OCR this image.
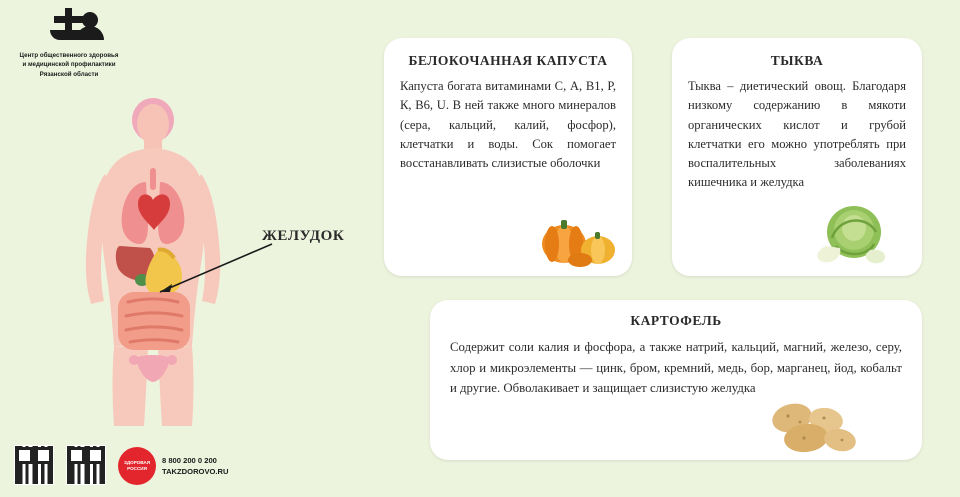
Центр общественного здоровья
и медицинской профилактики
Рязанской области
ЖЕЛУДОК
БЕЛОКОЧАННАЯ КАПУСТА
Капуста богата витаминами С, А, В1, Р, К, В6, U. В ней также много минералов (сера, кальций, калий, фосфор), клетчатки и воды. Сок помогает восстанавливать слизистые оболочки
ТЫКВА
Тыква – диетический овощ. Благодаря низкому содержанию в мякоти органических кислот и грубой клетчатки его можно употреблять при воспалительных заболеваниях кишечника и желудка
КАРТОФЕЛЬ
Содержит соли калия и фосфора, а также натрий, кальций, магний, железо, серу, хлор и микроэлементы — цинк, бром, кремний, медь, бор, марганец, йод, кобальт и другие. Обволакивает и защищает слизистую желудка
ЗДОРОВАЯ РОССИЯ
8 800 200 0 200
TAKZDOROVO.RU
